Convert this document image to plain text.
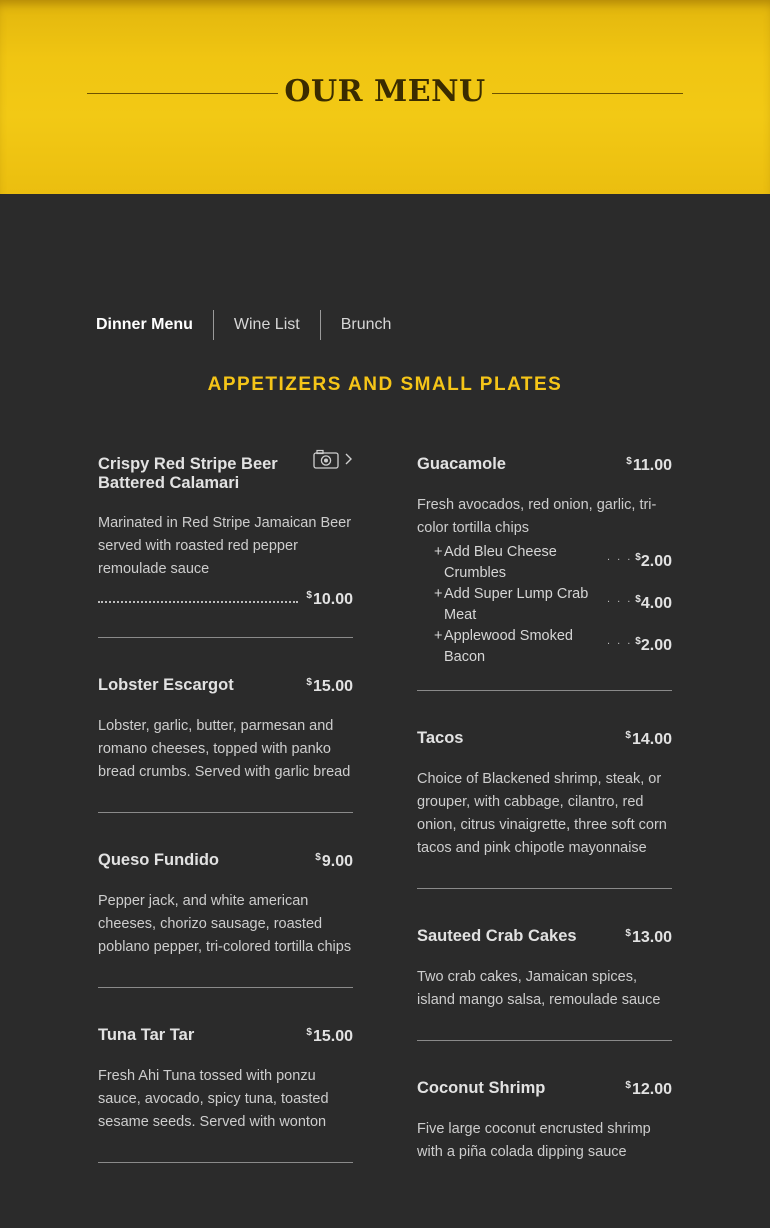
OUR MENU
Dinner Menu	Wine List	Brunch
APPETIZERS AND SMALL PLATES
Crispy Red Stripe Beer Battered Calamari
Marinated in Red Stripe Jamaican Beer served with roasted red pepper remoulade sauce
$10.00
Lobster Escargot	$15.00
Lobster, garlic, butter, parmesan and romano cheeses, topped with panko bread crumbs. Served with garlic bread
Queso Fundido	$9.00
Pepper jack, and white american cheeses, chorizo sausage, roasted poblano pepper, tri-colored tortilla chips
Tuna Tar Tar	$15.00
Fresh Ahi Tuna tossed with ponzu sauce, avocado, spicy tuna, toasted sesame seeds. Served with wonton
Guacamole	$11.00
Fresh avocados, red onion, garlic, tri-color tortilla chips
+ Add Bleu Cheese Crumbles
. . . $2.00
+ Add Super Lump Crab Meat
. . . $4.00
+ Applewood Smoked Bacon
. . . $2.00
Tacos	$14.00
Choice of Blackened shrimp, steak, or grouper, with cabbage, cilantro, red onion, citrus vinaigrette, three soft corn tacos and pink chipotle mayonnaise
Sauteed Crab Cakes	$13.00
Two crab cakes, Jamaican spices, island mango salsa, remoulade sauce
Coconut Shrimp	$12.00
Five large coconut encrusted shrimp with a piña colada dipping sauce
